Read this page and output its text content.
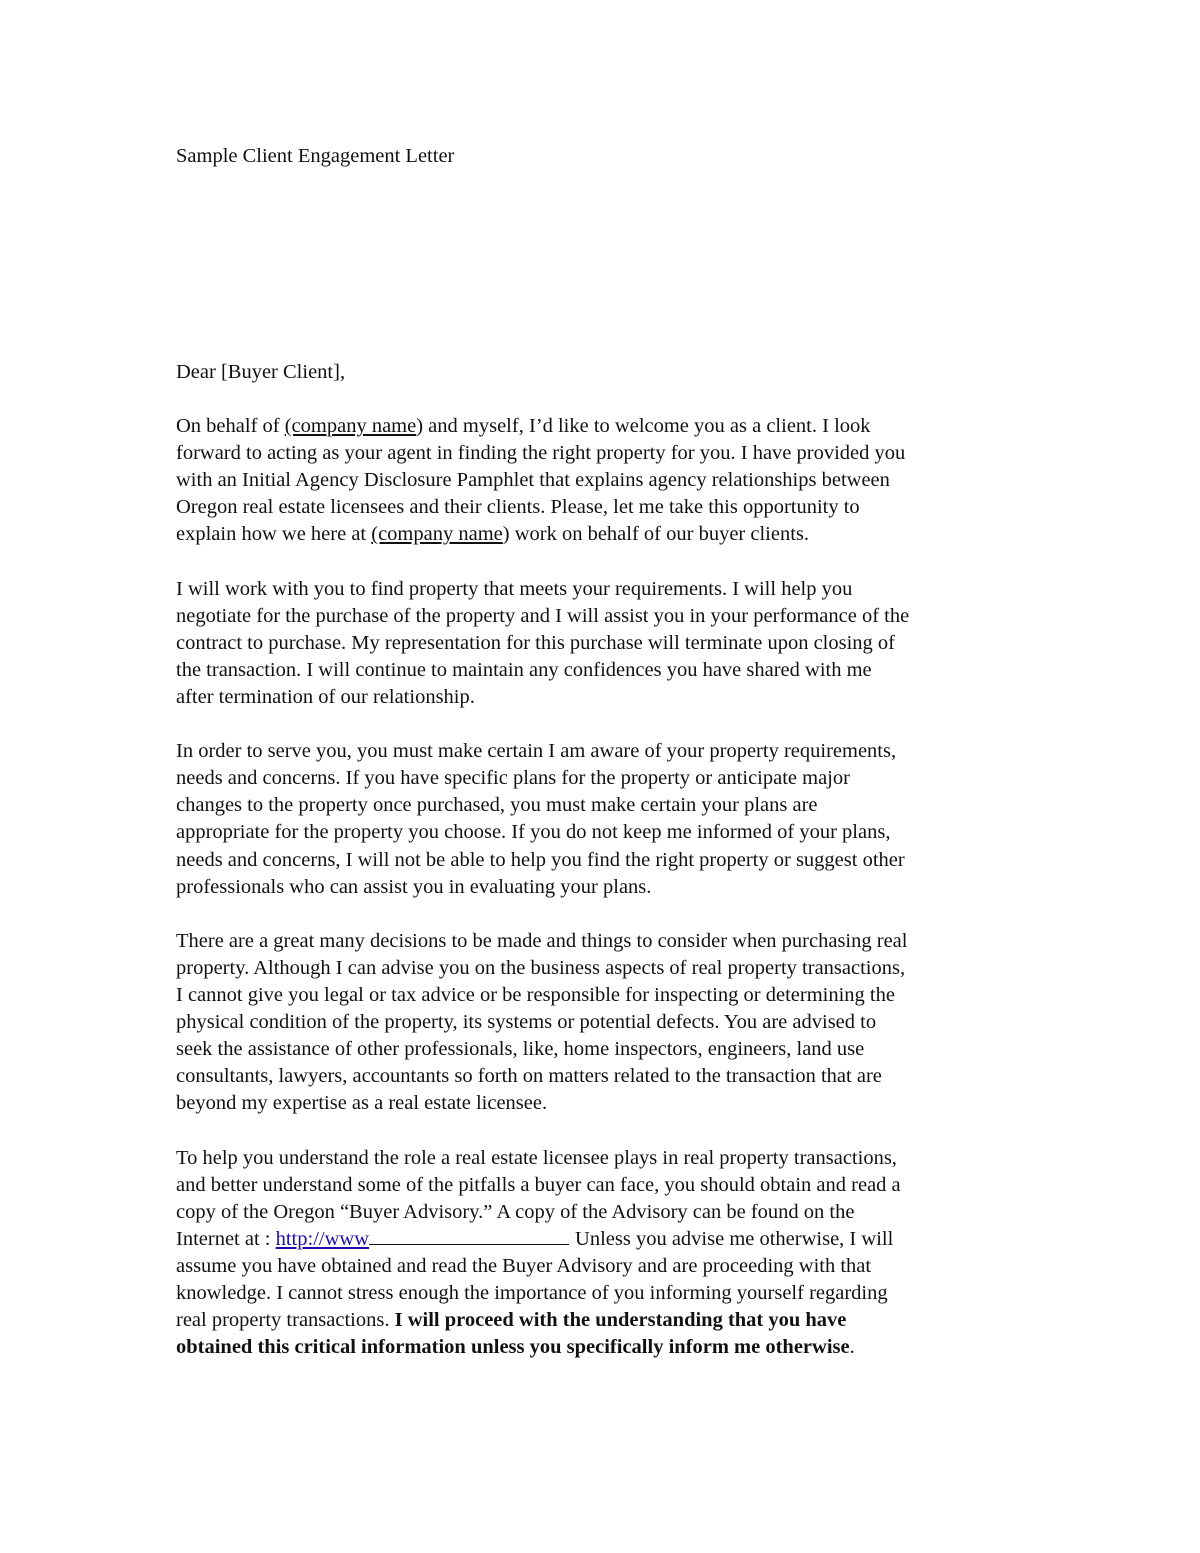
Sample Client Engagement Letter
Dear [Buyer Client],

On behalf of (company name) and myself, I’d like to welcome you as a client. I look
forward to acting as your agent in finding the right property for you. I have provided you
with an Initial Agency Disclosure Pamphlet that explains agency relationships between
Oregon real estate licensees and their clients. Please, let me take this opportunity to
explain how we here at (company name) work on behalf of our buyer clients.

I will work with you to find property that meets your requirements. I will help you
negotiate for the purchase of the property and I will assist you in your performance of the
contract to purchase. My representation for this purchase will terminate upon closing of
the transaction. I will continue to maintain any confidences you have shared with me
after termination of our relationship.

In order to serve you, you must make certain I am aware of your property requirements,
needs and concerns. If you have specific plans for the property or anticipate major
changes to the property once purchased, you must make certain your plans are
appropriate for the property you choose. If you do not keep me informed of your plans,
needs and concerns, I will not be able to help you find the right property or suggest other
professionals who can assist you in evaluating your plans.

There are a great many decisions to be made and things to consider when purchasing real
property. Although I can advise you on the business aspects of real property transactions,
I cannot give you legal or tax advice or be responsible for inspecting or determining the
physical condition of the property, its systems or potential defects. You are advised to
seek the assistance of other professionals, like, home inspectors, engineers, land use
consultants, lawyers, accountants so forth on matters related to the transaction that are
beyond my expertise as a real estate licensee.

To help you understand the role a real estate licensee plays in real property transactions,
and better understand some of the pitfalls a buyer can face, you should obtain and read a
copy of the Oregon “Buyer Advisory.” A copy of the Advisory can be found on the
Internet at : http://www	Unless you advise me otherwise, I will
assume you have obtained and read the Buyer Advisory and are proceeding with that
knowledge. I cannot stress enough the importance of you informing yourself regarding
real property transactions. I will proceed with the understanding that you have
obtained this critical information unless you specifically inform me otherwise.
